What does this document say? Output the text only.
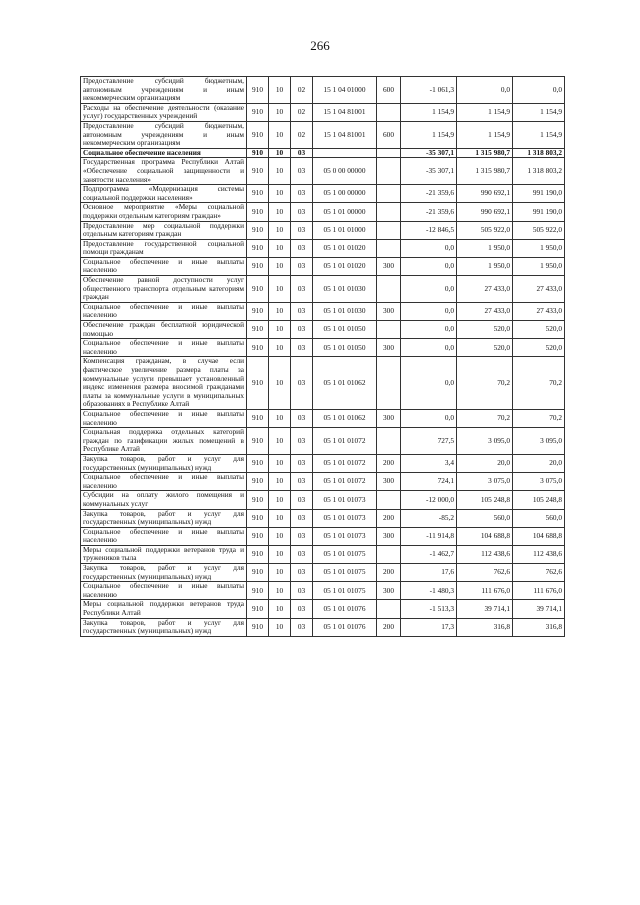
266
Предоставление субсидий бюджетным, автономным учреждениям и иным некоммерческим организациям	910	10	02	15 1 04 01000	600	-1 061,3	0,0	0,0
Расходы на обеспечение деятельности (оказание услуг) государственных учреждений	910	10	02	15 1 04 81001		1 154,9	1 154,9	1 154,9
Предоставление субсидий бюджетным, автономным учреждениям и иным некоммерческим организациям	910	10	02	15 1 04 81001	600	1 154,9	1 154,9	1 154,9
Социальное обеспечение населения	910	10	03			-35 307,1	1 315 980,7	1 318 803,2
Государственная программа Республики Алтай «Обеспечение социальной защищенности и занятости населения»	910	10	03	05 0 00 00000		-35 307,1	1 315 980,7	1 318 803,2
Подпрограмма «Модернизация системы социальной поддержки населения»	910	10	03	05 1 00 00000		-21 359,6	990 692,1	991 190,0
Основное мероприятие «Меры социальной поддержки отдельным категориям граждан»	910	10	03	05 1 01 00000		-21 359,6	990 692,1	991 190,0
Предоставление мер социальной поддержки отдельным категориям граждан	910	10	03	05 1 01 01000		-12 846,5	505 922,0	505 922,0
Предоставление государственной социальной помощи гражданам	910	10	03	05 1 01 01020		0,0	1 950,0	1 950,0
Социальное обеспечение и иные выплаты населению	910	10	03	05 1 01 01020	300	0,0	1 950,0	1 950,0
Обеспечение равной доступности услуг общественного транспорта отдельным категориям граждан	910	10	03	05 1 01 01030		0,0	27 433,0	27 433,0
Социальное обеспечение и иные выплаты населению	910	10	03	05 1 01 01030	300	0,0	27 433,0	27 433,0
Обеспечение граждан бесплатной юридической помощью	910	10	03	05 1 01 01050		0,0	520,0	520,0
Социальное обеспечение и иные выплаты населению	910	10	03	05 1 01 01050	300	0,0	520,0	520,0
Компенсация гражданам, в случае если фактическое увеличение размера платы за коммунальные услуги превышает установленный индекс изменения размера вносимой гражданами платы за коммунальные услуги в муниципальных образованиях в Республике Алтай	910	10	03	05 1 01 01062		0,0	70,2	70,2
Социальное обеспечение и иные выплаты населению	910	10	03	05 1 01 01062	300	0,0	70,2	70,2
Социальная поддержка отдельных категорий граждан по газификации жилых помещений в Республике Алтай	910	10	03	05 1 01 01072		727,5	3 095,0	3 095,0
Закупка товаров, работ и услуг для государственных (муниципальных) нужд	910	10	03	05 1 01 01072	200	3,4	20,0	20,0
Социальное обеспечение и иные выплаты населению	910	10	03	05 1 01 01072	300	724,1	3 075,0	3 075,0
Субсидии на оплату жилого помещения и коммунальных услуг	910	10	03	05 1 01 01073		-12 000,0	105 248,8	105 248,8
Закупка товаров, работ и услуг для государственных (муниципальных) нужд	910	10	03	05 1 01 01073	200	-85,2	560,0	560,0
Социальное обеспечение и иные выплаты населению	910	10	03	05 1 01 01073	300	-11 914,8	104 688,8	104 688,8
Меры социальной поддержки ветеранов труда и тружеников тыла	910	10	03	05 1 01 01075		-1 462,7	112 438,6	112 438,6
Закупка товаров, работ и услуг для государственных (муниципальных) нужд	910	10	03	05 1 01 01075	200	17,6	762,6	762,6
Социальное обеспечение и иные выплаты населению	910	10	03	05 1 01 01075	300	-1 480,3	111 676,0	111 676,0
Меры социальной поддержки ветеранов труда Республики Алтай	910	10	03	05 1 01 01076		-1 513,3	39 714,1	39 714,1
Закупка товаров, работ и услуг для государственных (муниципальных) нужд	910	10	03	05 1 01 01076	200	17,3	316,8	316,8
